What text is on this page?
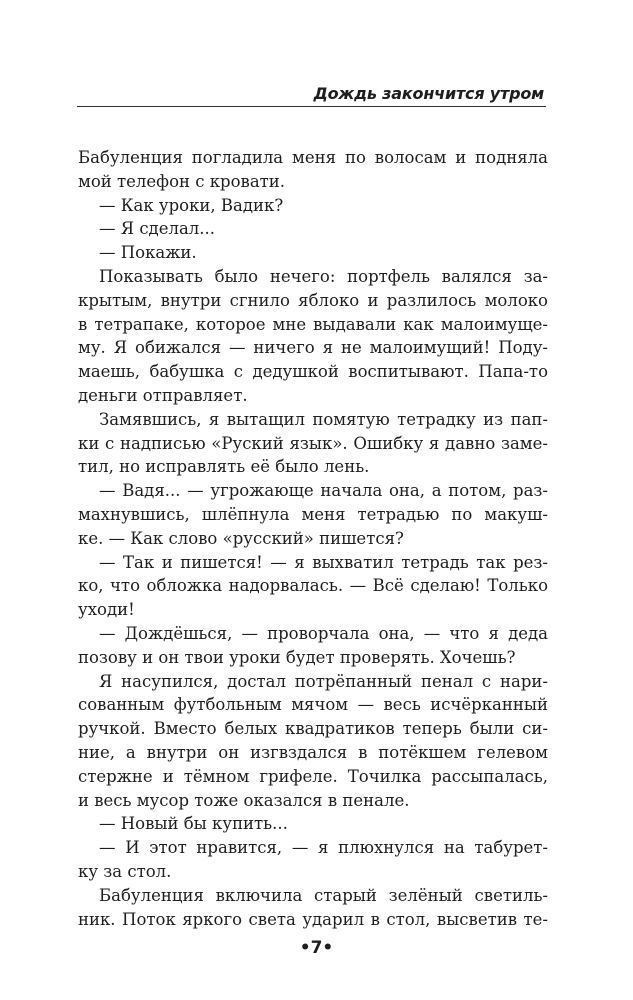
Дождь закончится утром
Бабуленция погладила меня по волосам и подняла
мой телефон с кровати.
— Как уроки, Вадик?
— Я сделал...
— Покажи.
Показывать было нечего: портфель валялся за-
крытым, внутри сгнило яблоко и разлилось молоко
в тетрапаке, которое мне выдавали как малоимуще-
му. Я обижался — ничего я не малоимущий! Поду-
маешь, бабушка с дедушкой воспитывают. Папа-то
деньги отправляет.
Замявшись, я вытащил помятую тетрадку из пап-
ки с надписью «Руский язык». Ошибку я давно заме-
тил, но исправлять её было лень.
— Вадя... — угрожающе начала она, а потом, раз-
махнувшись, шлёпнула меня тетрадью по макуш-
ке. — Как слово «русский» пишется?
— Так и пишется! — я выхватил тетрадь так рез-
ко, что обложка надорвалась. — Всё сделаю! Только
уходи!
— Дождёшься, — проворчала она, — что я деда
позову и он твои уроки будет проверять. Хочешь?
Я насупился, достал потрёпанный пенал с нари-
сованным футбольным мячом — весь исчёрканный
ручкой. Вместо белых квадратиков теперь были си-
ние, а внутри он изгвздался в потёкшем гелевом
стержне и тёмном грифеле. Точилка рассыпалась,
и весь мусор тоже оказался в пенале.
— Новый бы купить...
— И этот нравится, — я плюхнулся на табурет-
ку за стол.
Бабуленция включила старый зелёный светиль-
ник. Поток яркого света ударил в стол, высветив те-
•7•
